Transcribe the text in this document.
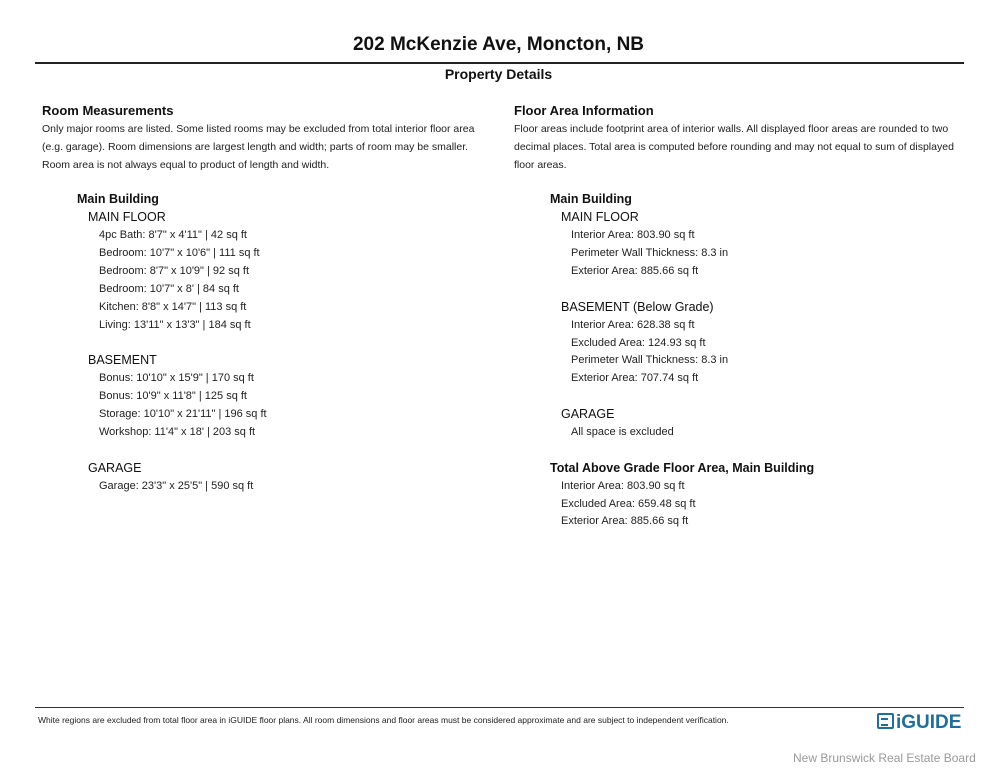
202 McKenzie Ave, Moncton, NB
Property Details
Room Measurements
Only major rooms are listed. Some listed rooms may be excluded from total interior floor area
(e.g. garage). Room dimensions are largest length and width; parts of room may be smaller.
Room area is not always equal to product of length and width.
Main Building
MAIN FLOOR
4pc Bath: 8'7" x 4'11" | 42 sq ft
Bedroom: 10'7" x 10'6" | 111 sq ft
Bedroom: 8'7" x 10'9" | 92 sq ft
Bedroom: 10'7" x 8' | 84 sq ft
Kitchen: 8'8" x 14'7" | 113 sq ft
Living: 13'11" x 13'3" | 184 sq ft
BASEMENT
Bonus: 10'10" x 15'9" | 170 sq ft
Bonus: 10'9" x 11'8" | 125 sq ft
Storage: 10'10" x 21'11" | 196 sq ft
Workshop: 11'4" x 18' | 203 sq ft
GARAGE
Garage: 23'3" x 25'5" | 590 sq ft
Floor Area Information
Floor areas include footprint area of interior walls. All displayed floor areas are rounded to two
decimal places. Total area is computed before rounding and may not equal to sum of displayed
floor areas.
Main Building
MAIN FLOOR
Interior Area: 803.90 sq ft
Perimeter Wall Thickness: 8.3 in
Exterior Area: 885.66 sq ft
BASEMENT (Below Grade)
Interior Area: 628.38 sq ft
Excluded Area: 124.93 sq ft
Perimeter Wall Thickness: 8.3 in
Exterior Area: 707.74 sq ft
GARAGE
All space is excluded
Total Above Grade Floor Area, Main Building
Interior Area: 803.90 sq ft
Excluded Area: 659.48 sq ft
Exterior Area: 885.66 sq ft
White regions are excluded from total floor area in iGUIDE floor plans. All room dimensions and floor areas must be considered approximate and are subject to independent verification.	iGUIDE
New Brunswick Real Estate Board
